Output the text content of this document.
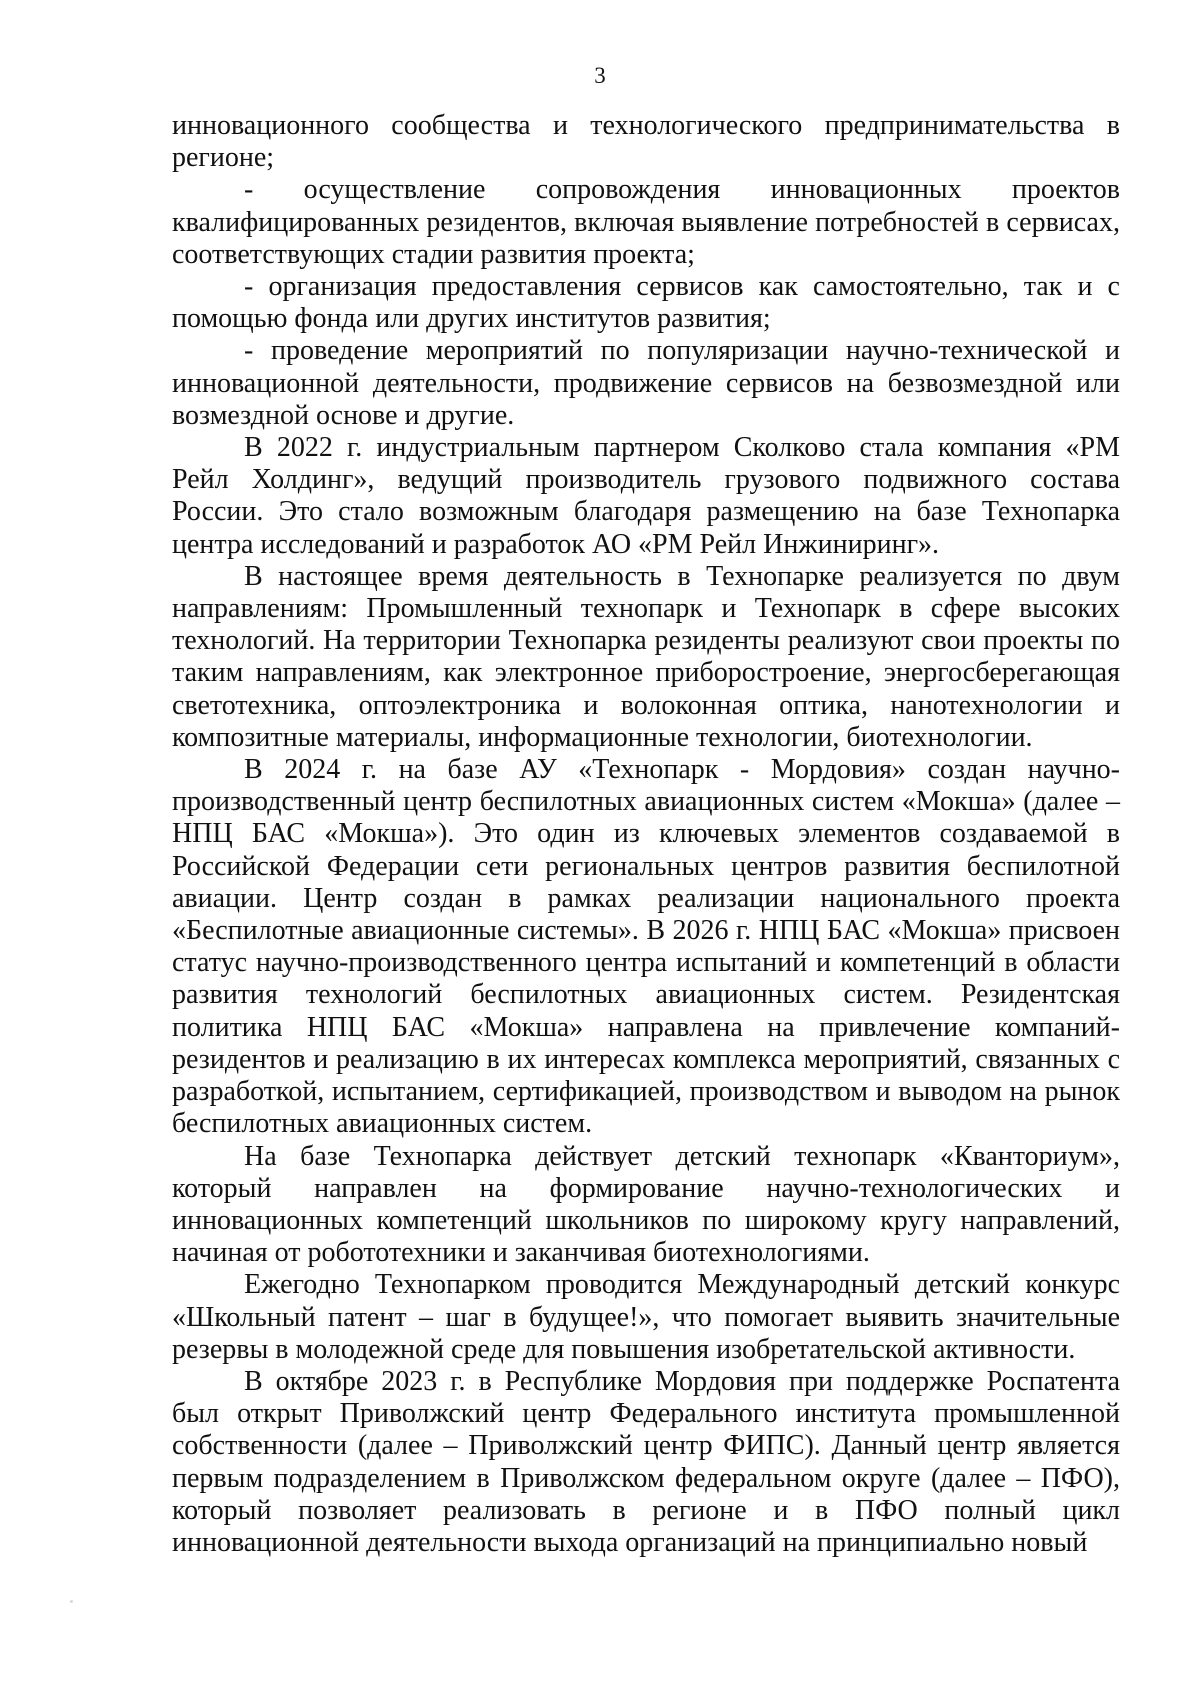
3

инновационного сообщества и технологического предпринимательства в регионе;

- осуществление сопровождения инновационных проектов квалифицированных резидентов, включая выявление потребностей в сервисах, соответствующих стадии развития проекта;

- организация предоставления сервисов как самостоятельно, так и с помощью фонда или других институтов развития;

- проведение мероприятий по популяризации научно-технической и инновационной деятельности, продвижение сервисов на безвозмездной или возмездной основе и другие.

В 2022 г. индустриальным партнером Сколково стала компания «РМ Рейл Холдинг», ведущий производитель грузового подвижного состава России. Это стало возможным благодаря размещению на базе Технопарка центра исследований и разработок АО «РМ Рейл Инжиниринг».

В настоящее время деятельность в Технопарке реализуется по двум направлениям: Промышленный технопарк и Технопарк в сфере высоких технологий. На территории Технопарка резиденты реализуют свои проекты по таким направлениям, как электронное приборостроение, энергосберегающая светотехника, оптоэлектроника и волоконная оптика, нанотехнологии и композитные материалы, информационные технологии, биотехнологии.

В 2024 г. на базе АУ «Технопарк - Мордовия» создан научно-производственный центр беспилотных авиационных систем «Мокша» (далее – НПЦ БАС «Мокша»). Это один из ключевых элементов создаваемой в Российской Федерации сети региональных центров развития беспилотной авиации. Центр создан в рамках реализации национального проекта «Беспилотные авиационные системы». В 2026 г. НПЦ БАС «Мокша» присвоен статус научно-производственного центра испытаний и компетенций в области развития технологий беспилотных авиационных систем. Резидентская политика НПЦ БАС «Мокша» направлена на привлечение компаний-резидентов и реализацию в их интересах комплекса мероприятий, связанных с разработкой, испытанием, сертификацией, производством и выводом на рынок беспилотных авиационных систем.

На базе Технопарка действует детский технопарк «Кванториум», который направлен на формирование научно-технологических и инновационных компетенций школьников по широкому кругу направлений, начиная от робототехники и заканчивая биотехнологиями.

Ежегодно Технопарком проводится Международный детский конкурс «Школьный патент – шаг в будущее!», что помогает выявить значительные резервы в молодежной среде для повышения изобретательской активности.

В октябре 2023 г. в Республике Мордовия при поддержке Роспатента был открыт Приволжский центр Федерального института промышленной собственности (далее – Приволжский центр ФИПС). Данный центр является первым подразделением в Приволжском федеральном округе (далее – ПФО), который позволяет реализовать в регионе и в ПФО полный цикл инновационной деятельности выхода организаций на принципиально новый
